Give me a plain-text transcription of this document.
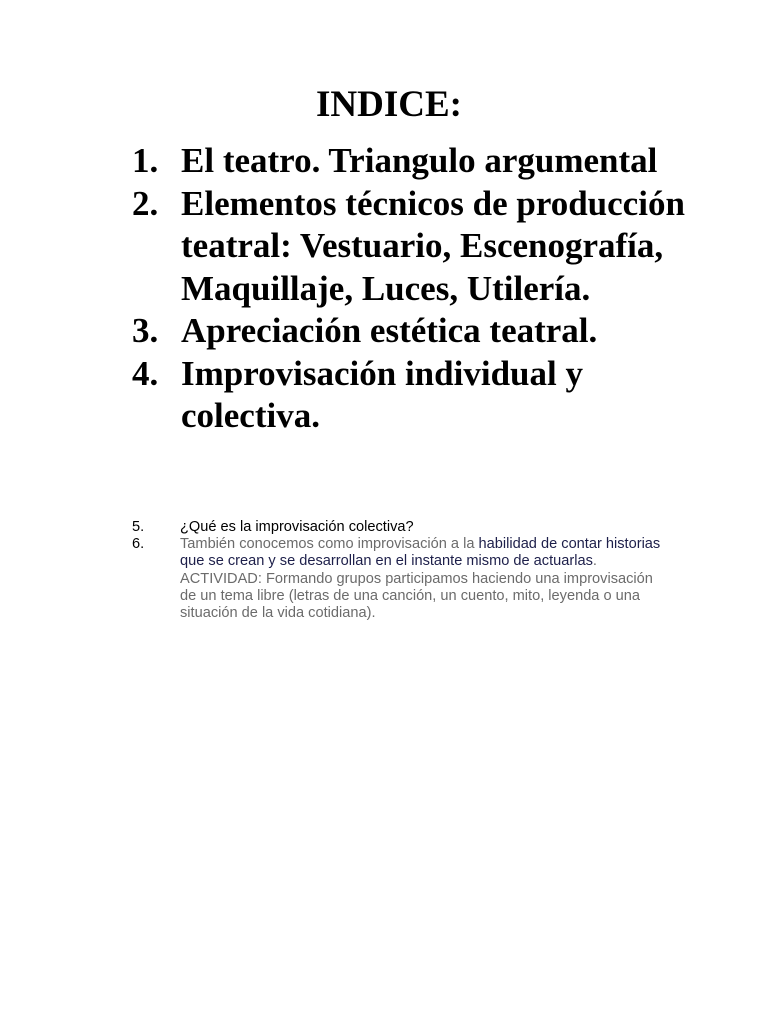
INDICE:
1. El teatro. Triangulo argumental
2. Elementos técnicos de producción teatral: Vestuario, Escenografía, Maquillaje, Luces, Utilería.
3. Apreciación estética teatral.
4. Improvisación individual y colectiva.
5. ¿Qué es la improvisación colectiva?
6. También conocemos como improvisación a la habilidad de contar historias que se crean y se desarrollan en el instante mismo de actuarlas. ACTIVIDAD: Formando grupos participamos haciendo una improvisación de un tema libre (letras de una canción, un cuento, mito, leyenda o una situación de la vida cotidiana).
